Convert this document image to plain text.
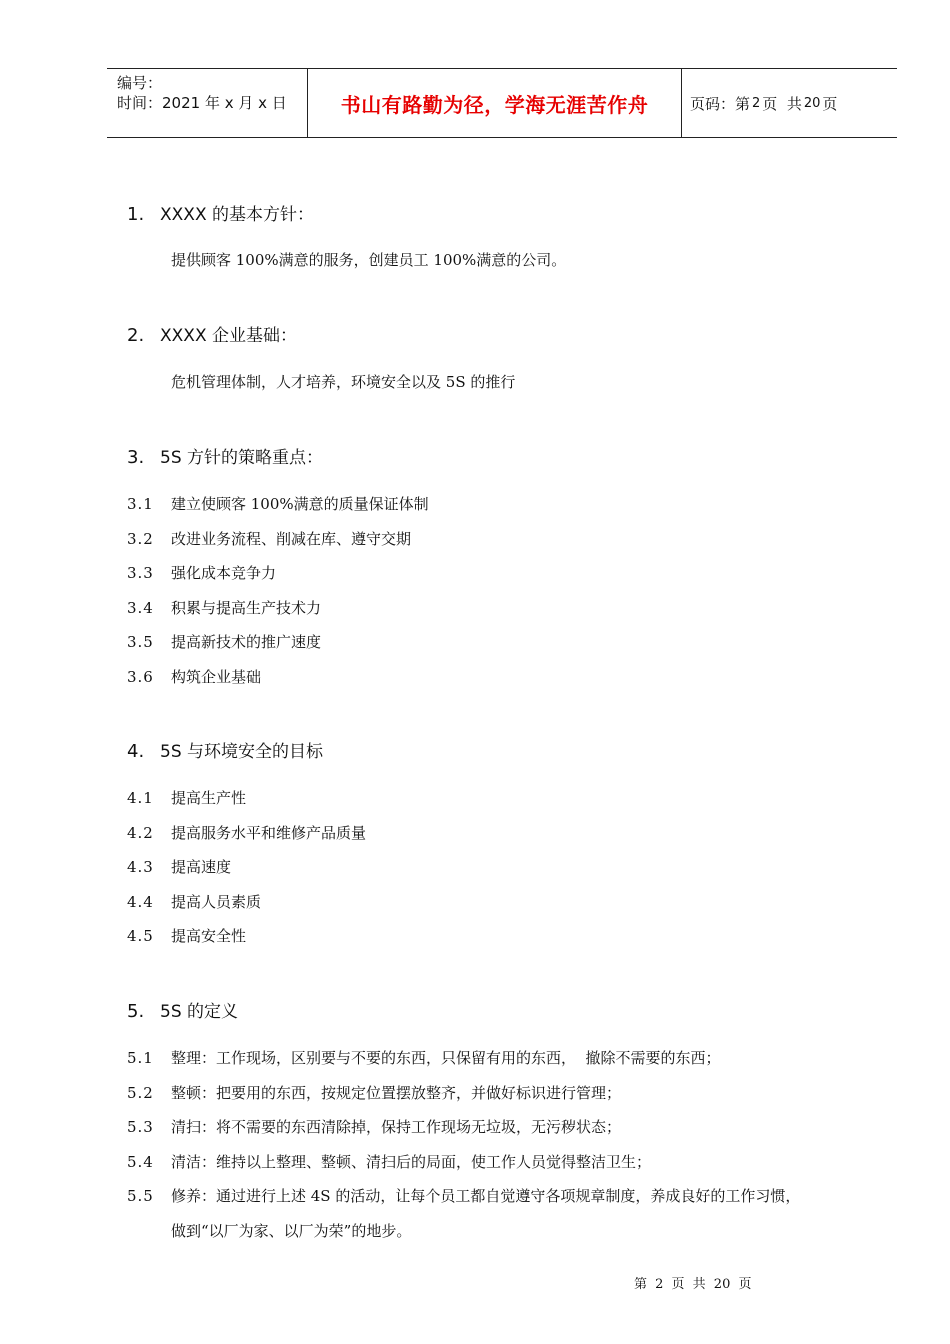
编号：
时间：2021 年 x 月 x 日	书山有路勤为径，学海无涯苦作舟	页码：第 2 页  共 20 页
1. XXXX 的基本方针：
提供顾客 100%满意的服务，创建员工 100%满意的公司。
2. XXXX 企业基础：
危机管理体制，人才培养，环境安全以及 5S 的推行
3. 5S 方针的策略重点：
3.1 建立使顾客 100%满意的质量保证体制
3.2 改进业务流程、削减在库、遵守交期
3.3 强化成本竞争力
3.4 积累与提高生产技术力
3.5 提高新技术的推广速度
3.6 构筑企业基础
4. 5S 与环境安全的目标
4.1 提高生产性
4.2 提高服务水平和维修产品质量
4.3 提高速度
4.4 提高人员素质
4.5 提高安全性
5. 5S 的定义
5.1 整理：工作现场，区别要与不要的东西，只保留有用的东西，  撤除不需要的东西；
5.2 整顿：把要用的东西，按规定位置摆放整齐，并做好标识进行管理；
5.3 清扫：将不需要的东西清除掉，保持工作现场无垃圾，无污秽状态；
5.4 清洁：维持以上整理、整顿、清扫后的局面，使工作人员觉得整洁卫生；
5.5 修养：通过进行上述 4S 的活动，让每个员工都自觉遵守各项规章制度，养成良好的工作习惯，
做到“以厂为家、以厂为荣”的地步。
第 2 页 共 20 页
